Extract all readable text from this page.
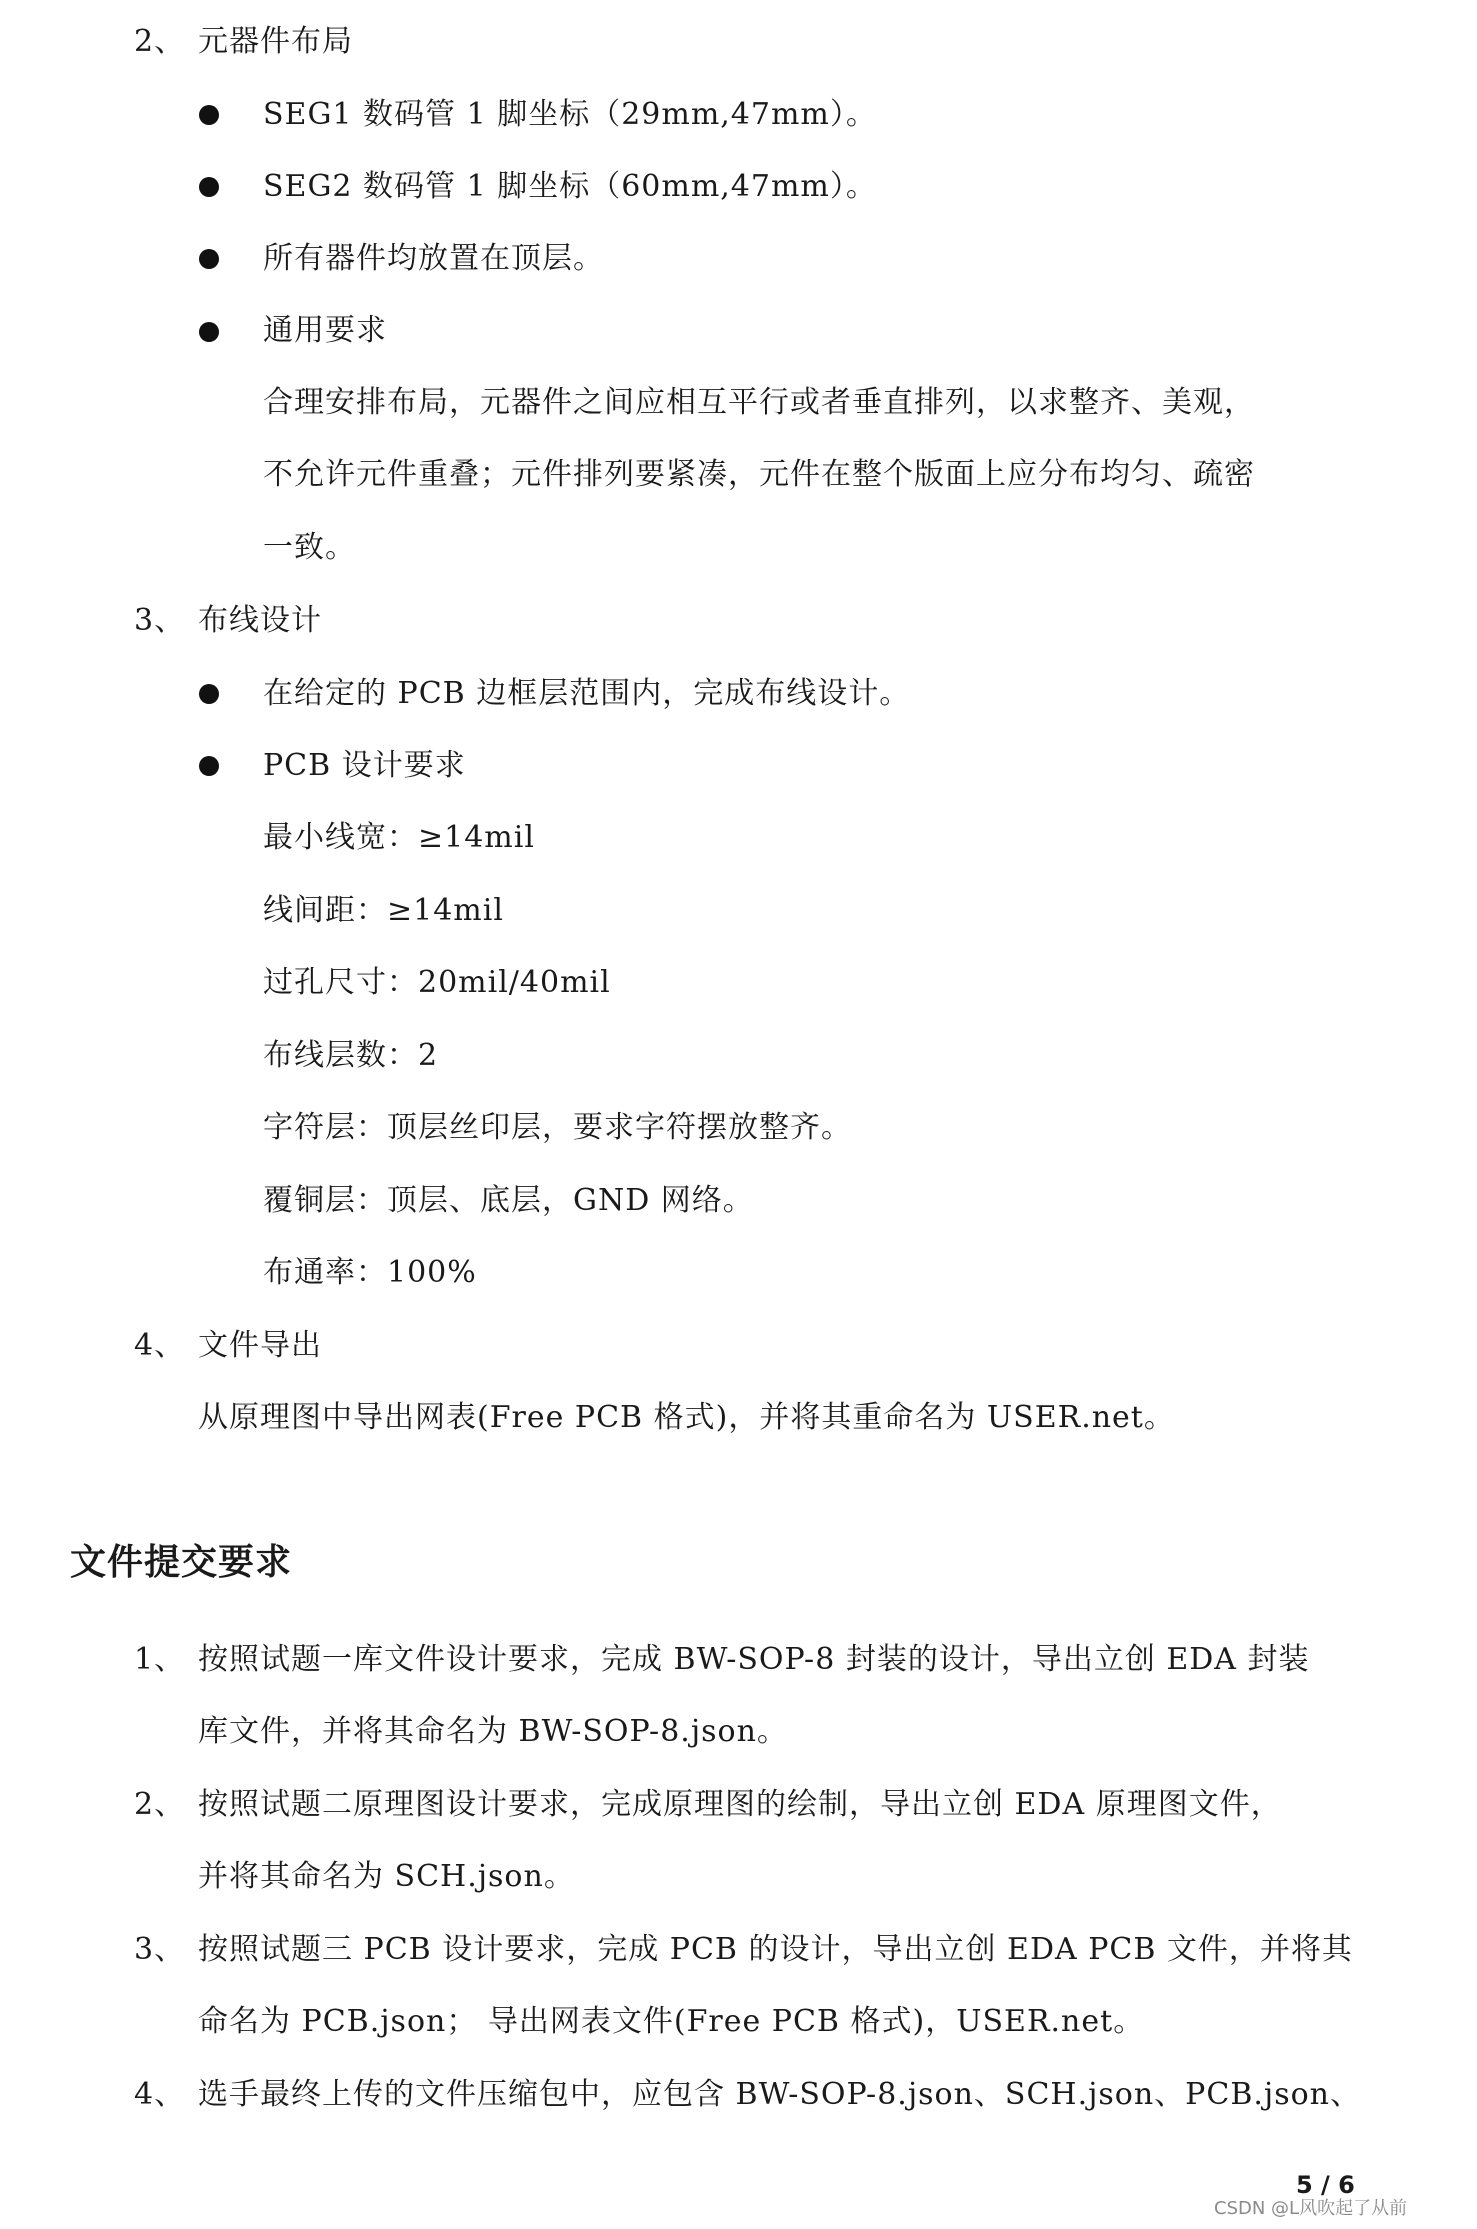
2、 元器件布局
SEG1 数码管 1 脚坐标（29mm,47mm）。
SEG2 数码管 1 脚坐标（60mm,47mm）。
所有器件均放置在顶层。
通用要求
合理安排布局，元器件之间应相互平行或者垂直排列，以求整齐、美观，
不允许元件重叠；元件排列要紧凑，元件在整个版面上应分布均匀、疏密
一致。
3、 布线设计
在给定的 PCB 边框层范围内，完成布线设计。
PCB 设计要求
最小线宽：≥14mil
线间距：≥14mil
过孔尺寸：20mil/40mil
布线层数：2
字符层：顶层丝印层，要求字符摆放整齐。
覆铜层：顶层、底层，GND 网络。
布通率：100%
4、 文件导出
从原理图中导出网表(Free PCB 格式)，并将其重命名为 USER.net。
文件提交要求
1、 按照试题一库文件设计要求，完成 BW-SOP-8 封装的设计，导出立创 EDA 封装
库文件，并将其命名为 BW-SOP-8.json。
2、 按照试题二原理图设计要求，完成原理图的绘制，导出立创 EDA 原理图文件，
并将其命名为 SCH.json。
3、 按照试题三 PCB 设计要求，完成 PCB 的设计，导出立创 EDA PCB 文件，并将其
命名为 PCB.json； 导出网表文件(Free PCB 格式)，USER.net。
4、 选手最终上传的文件压缩包中，应包含 BW-SOP-8.json、SCH.json、PCB.json、
5 / 6
CSDN @L风吹起了从前
